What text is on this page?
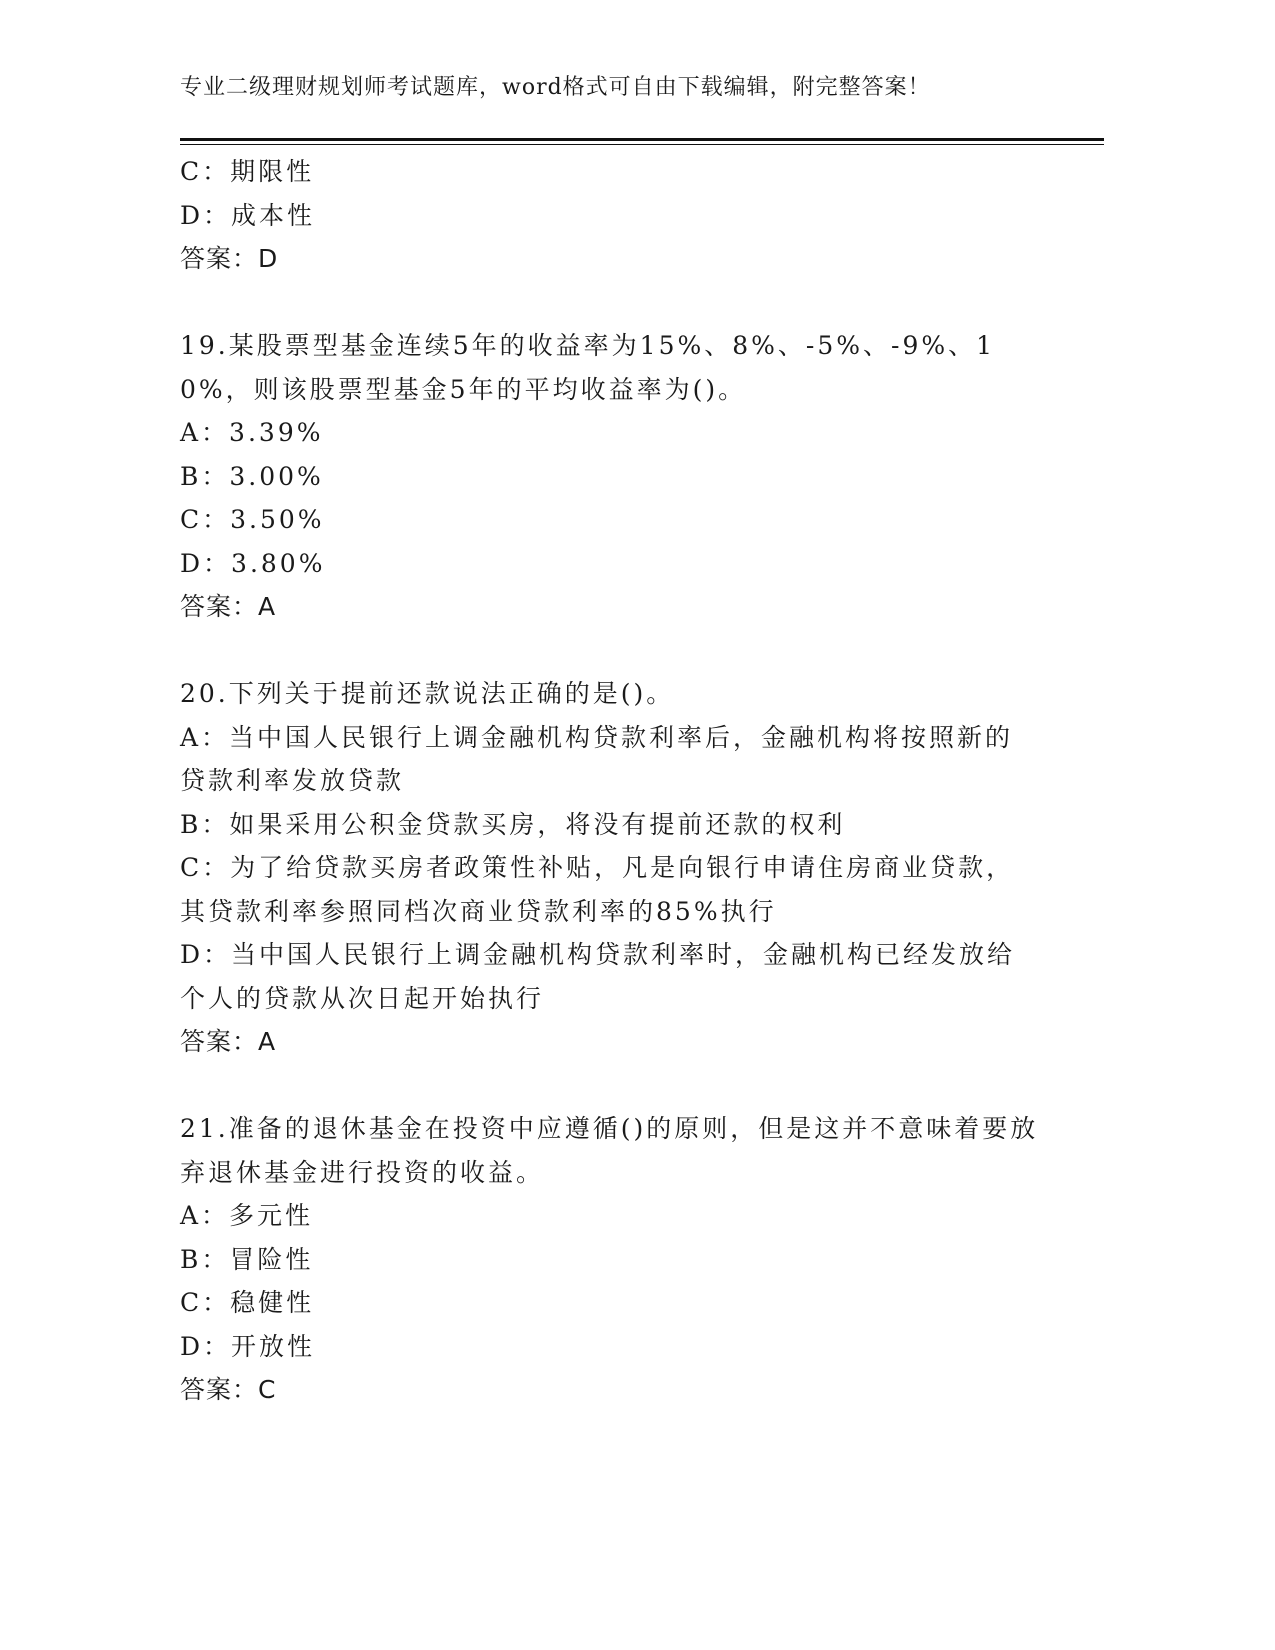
专业二级理财规划师考试题库，word格式可自由下载编辑，附完整答案！

C：期限性

D：成本性

答案：D

19.某股票型基金连续5年的收益率为15%、8%、-5%、-9%、10%，则该股票型基金5年的平均收益率为()。

A：3.39%

B：3.00%

C：3.50%

D：3.80%

答案：A

20.下列关于提前还款说法正确的是()。

A：当中国人民银行上调金融机构贷款利率后，金融机构将按照新的贷款利率发放贷款

B：如果采用公积金贷款买房，将没有提前还款的权利

C：为了给贷款买房者政策性补贴，凡是向银行申请住房商业贷款，其贷款利率参照同档次商业贷款利率的85%执行

D：当中国人民银行上调金融机构贷款利率时，金融机构已经发放给个人的贷款从次日起开始执行

答案：A

21.准备的退休基金在投资中应遵循()的原则，但是这并不意味着要放弃退休基金进行投资的收益。

A：多元性

B：冒险性

C：稳健性

D：开放性

答案：C
